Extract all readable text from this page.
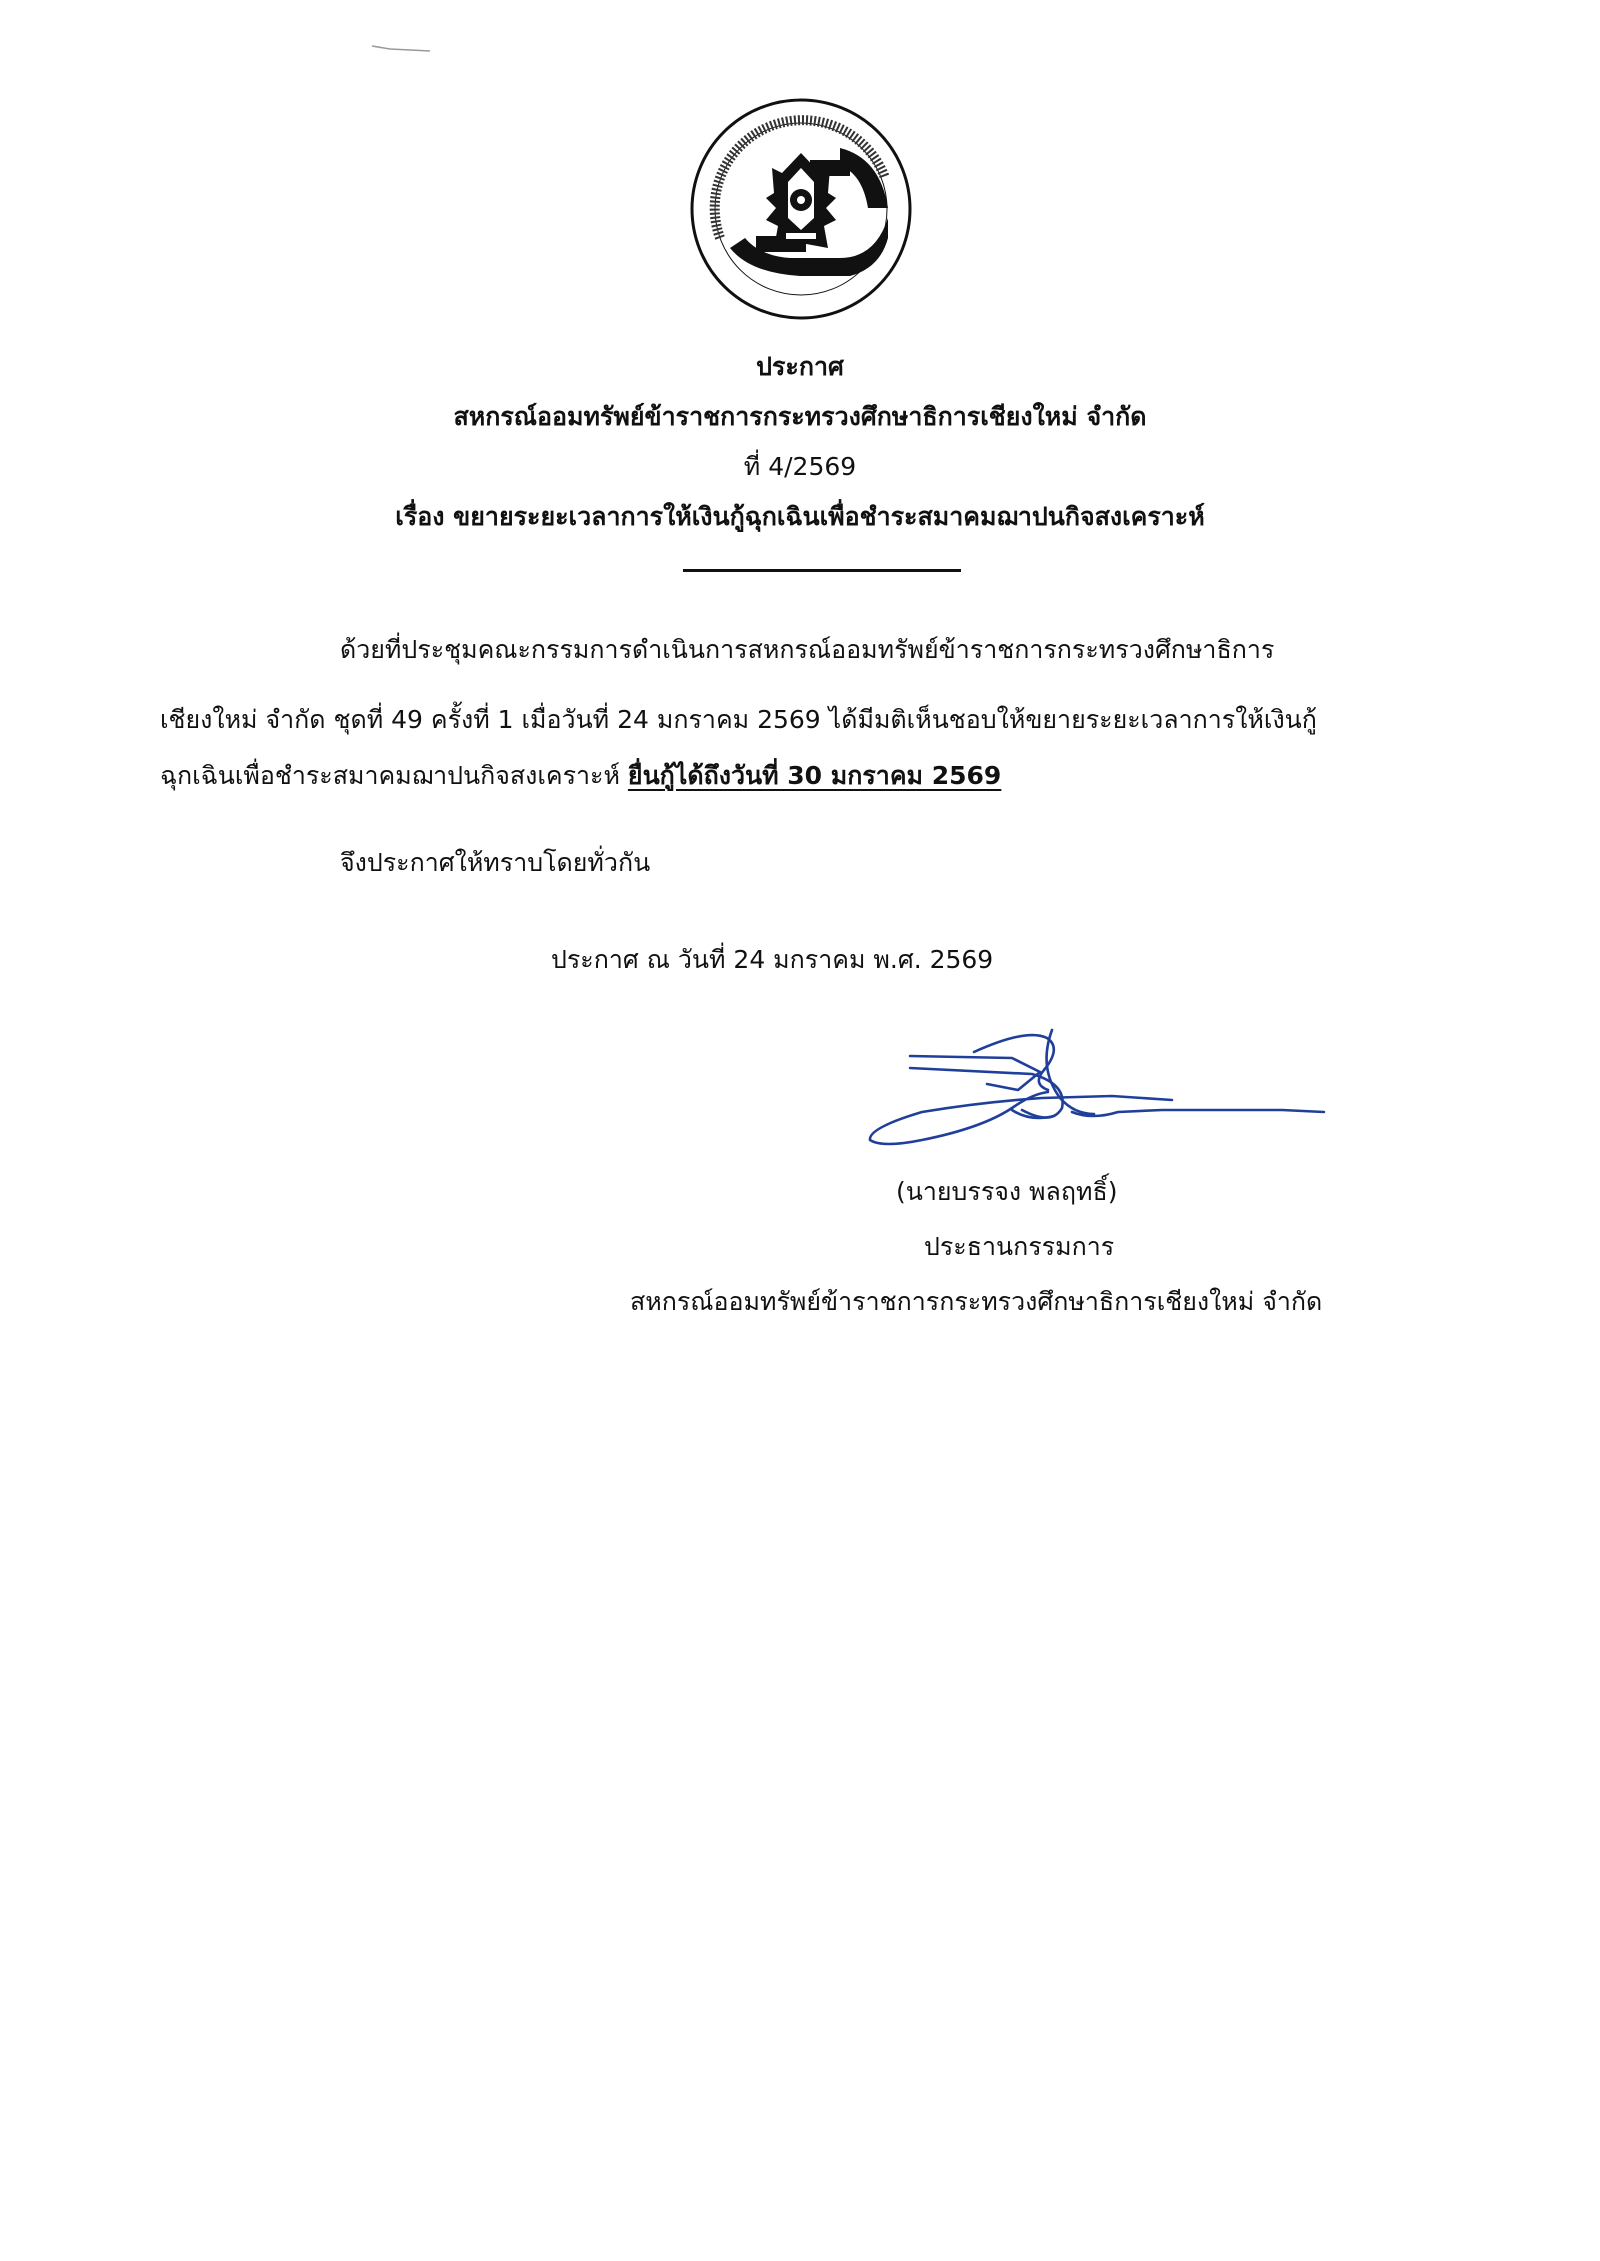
ประกาศ
สหกรณ์ออมทรัพย์ข้าราชการกระทรวงศึกษาธิการเชียงใหม่ จำกัด
ที่ 4/2569
เรื่อง ขยายระยะเวลาการให้เงินกู้ฉุกเฉินเพื่อชำระสมาคมฌาปนกิจสงเคราะห์
ด้วยที่ประชุมคณะกรรมการดำเนินการสหกรณ์ออมทรัพย์ข้าราชการกระทรวงศึกษาธิการ
เชียงใหม่ จำกัด ชุดที่ 49 ครั้งที่ 1 เมื่อวันที่ 24 มกราคม 2569 ได้มีมติเห็นชอบให้ขยายระยะเวลาการให้เงินกู้
ฉุกเฉินเพื่อชำระสมาคมฌาปนกิจสงเคราะห์ ยื่นกู้ได้ถึงวันที่ 30 มกราคม 2569
จึงประกาศให้ทราบโดยทั่วกัน
ประกาศ ณ วันที่ 24 มกราคม พ.ศ. 2569
(นายบรรจง พลฤทธิ์)
ประธานกรรมการ
สหกรณ์ออมทรัพย์ข้าราชการกระทรวงศึกษาธิการเชียงใหม่ จำกัด
